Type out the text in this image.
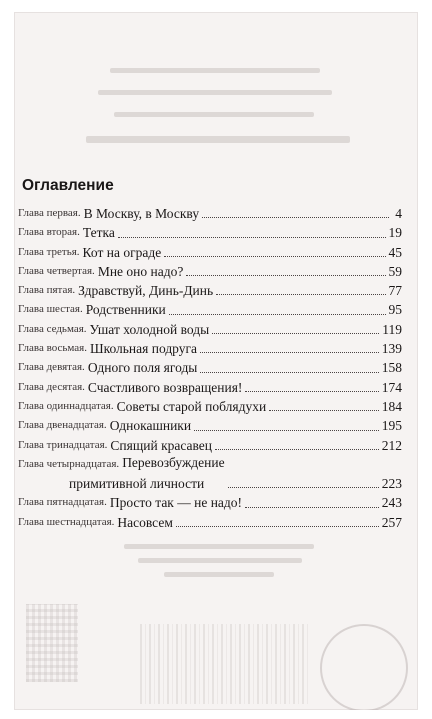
Оглавление
Глава первая. В Москву, в Москву	4
Глава вторая. Тетка	19
Глава третья. Кот на ограде	45
Глава четвертая. Мне оно надо?	59
Глава пятая. Здравствуй, Динь-Динь	77
Глава шестая. Родственники	95
Глава седьмая. Ушат холодной воды	119
Глава восьмая. Школьная подруга	139
Глава девятая. Одного поля ягоды	158
Глава десятая. Счастливого возвращения!	174
Глава одиннадцатая. Советы старой поблядухи	184
Глава двенадцатая. Однокашники	195
Глава тринадцатая. Спящий красавец	212
Глава четырнадцатая. Перевозбуждение
примитивной личности	223
Глава пятнадцатая. Просто так — не надо!	243
Глава шестнадцатая. Насовсем	257
